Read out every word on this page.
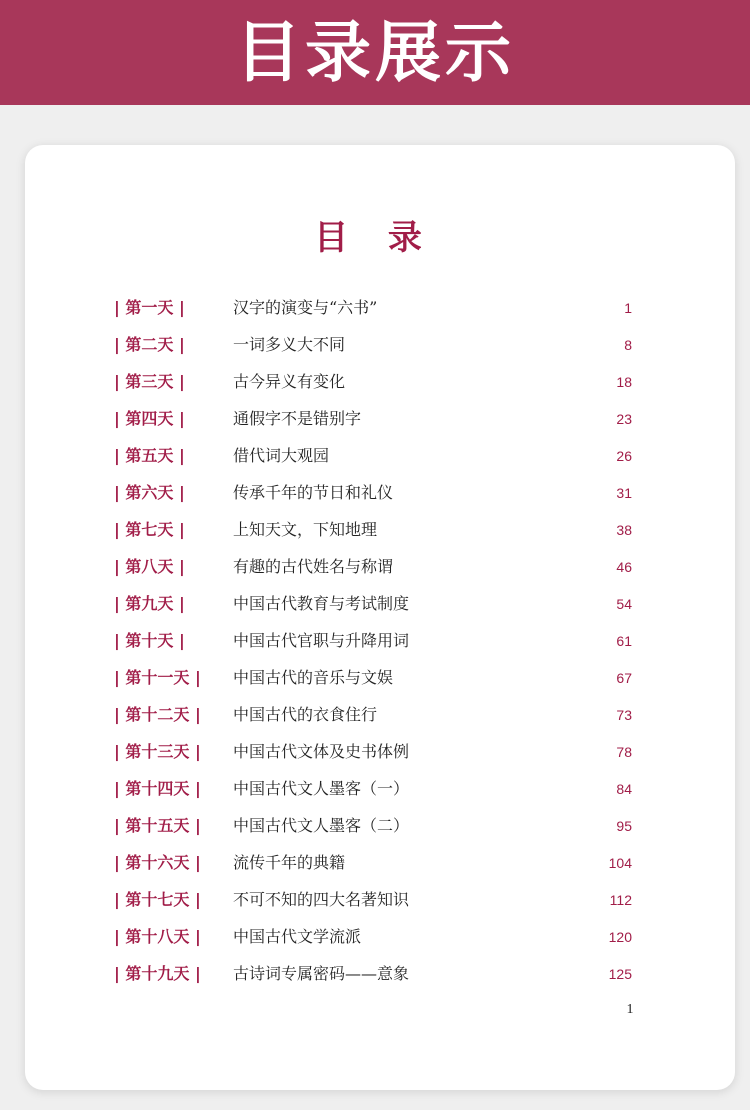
目录展示
目 录
| 第一天 |	汉字的演变与“六书”	1
| 第二天 |	一词多义大不同	8
| 第三天 |	古今异义有变化	18
| 第四天 |	通假字不是错别字	23
| 第五天 |	借代词大观园	26
| 第六天 |	传承千年的节日和礼仪	31
| 第七天 |	上知天文，下知地理	38
| 第八天 |	有趣的古代姓名与称谓	46
| 第九天 |	中国古代教育与考试制度	54
| 第十天 |	中国古代官职与升降用词	61
| 第十一天 | 中国古代的音乐与文娱	67
| 第十二天 | 中国古代的衣食住行	73
| 第十三天 | 中国古代文体及史书体例	78
| 第十四天 | 中国古代文人墨客（一）	84
| 第十五天 | 中国古代文人墨客（二）	95
| 第十六天 | 流传千年的典籍	104
| 第十七天 | 不可不知的四大名著知识	112
| 第十八天 | 中国古代文学流派	120
| 第十九天 | 古诗词专属密码——意象	125
1
